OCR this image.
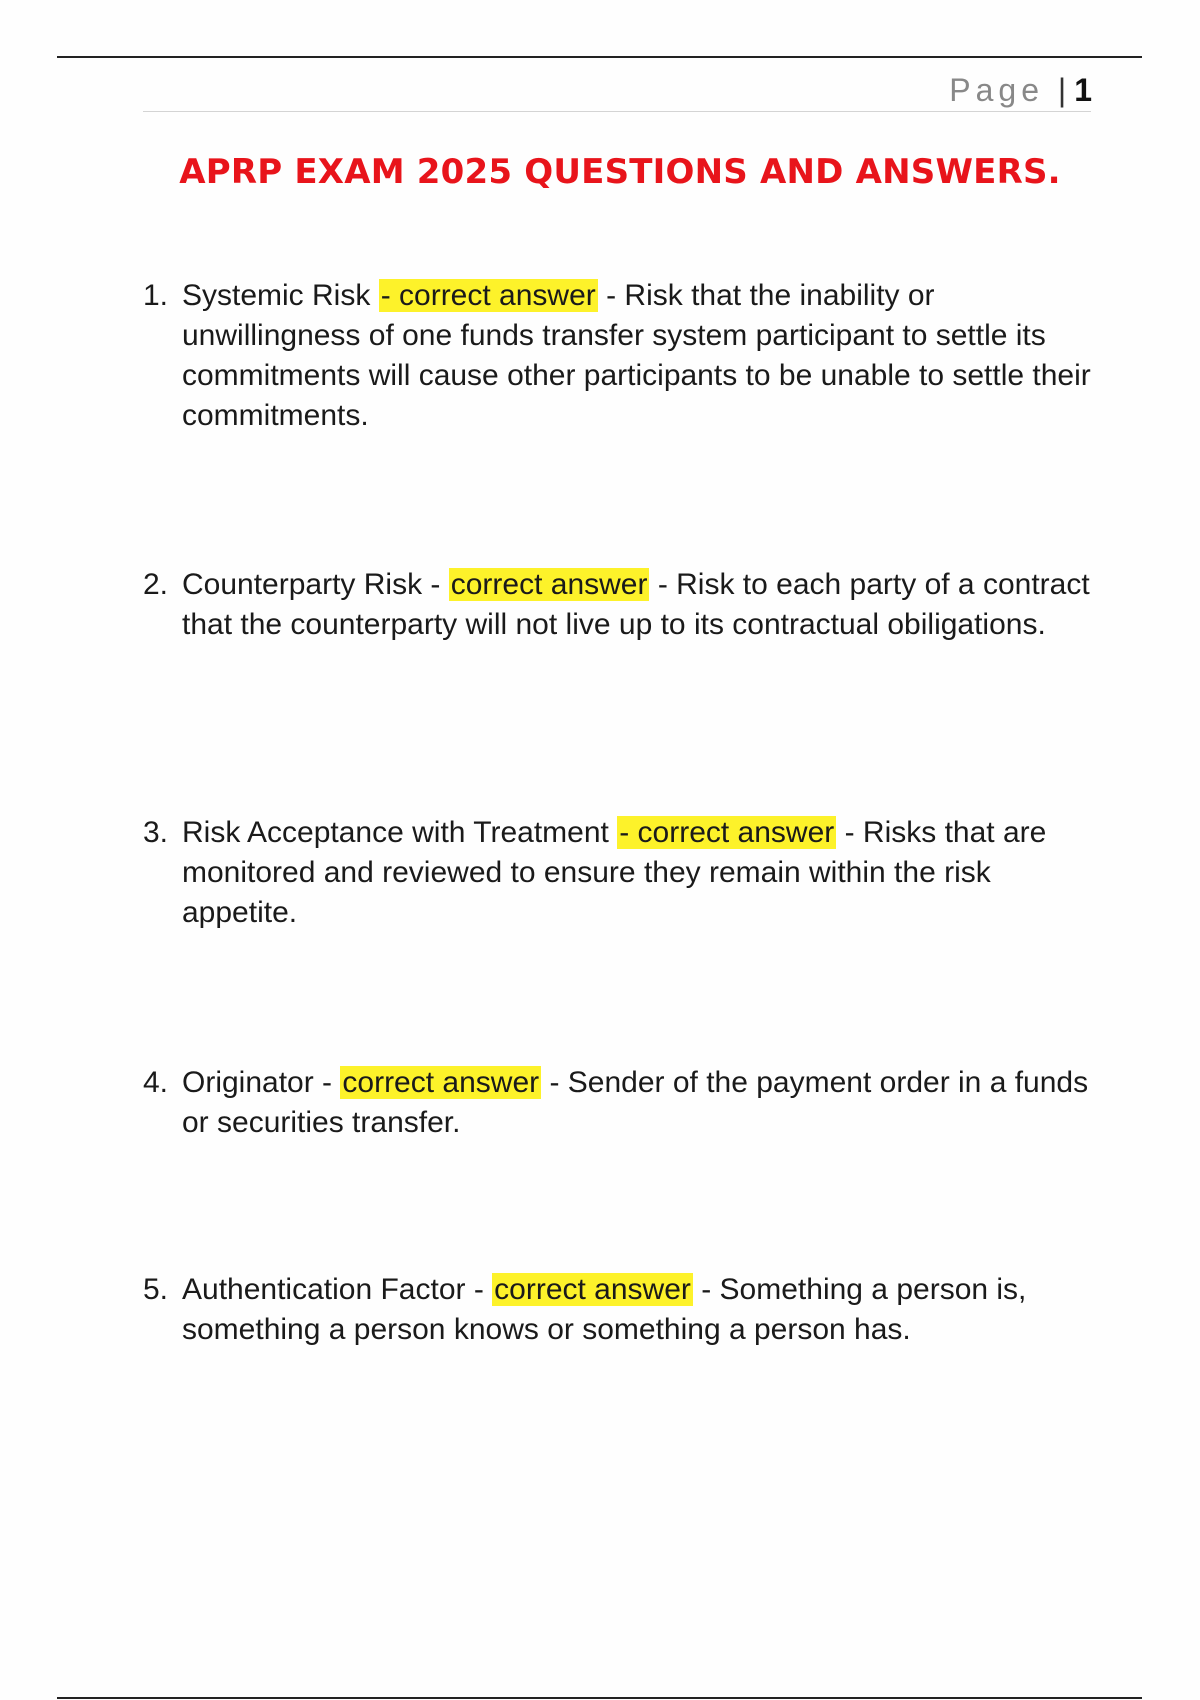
Page | 1
APRP EXAM 2025 QUESTIONS AND ANSWERS.
1. Systemic Risk - correct answer - Risk that the inability or unwillingness of one funds transfer system participant to settle its commitments will cause other participants to be unable to settle their commitments.
2. Counterparty Risk - correct answer - Risk to each party of a contract that the counterparty will not live up to its contractual obiligations.
3. Risk Acceptance with Treatment - correct answer - Risks that are monitored and reviewed to ensure they remain within the risk appetite.
4. Originator - correct answer - Sender of the payment order in a funds or securities transfer.
5. Authentication Factor - correct answer - Something a person is, something a person knows or something a person has.
